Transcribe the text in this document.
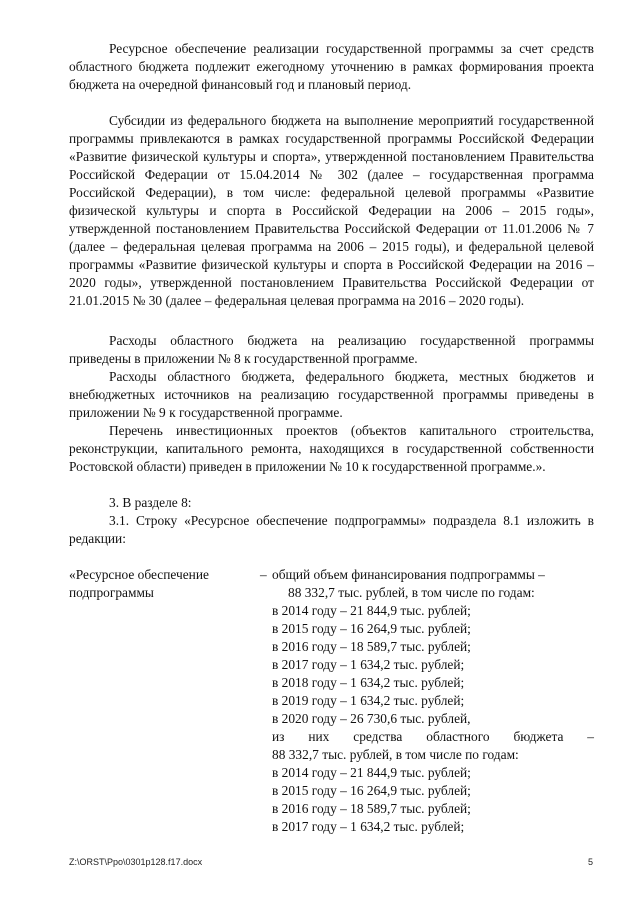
Ресурсное обеспечение реализации государственной программы за счет средств областного бюджета подлежит ежегодному уточнению в рамках формирования проекта бюджета на очередной финансовый год и плановый период.

Субсидии из федерального бюджета на выполнение мероприятий государственной программы привлекаются в рамках государственной программы Российской Федерации «Развитие физической культуры и спорта», утвержденной постановлением Правительства Российской Федерации от 15.04.2014 № 302 (далее – государственная программа Российской Федерации), в том числе: федеральной целевой программы «Развитие физической культуры и спорта в Российской Федерации на 2006 – 2015 годы», утвержденной постановлением Правительства Российской Федерации от 11.01.2006 № 7 (далее – федеральная целевая программа на 2006 – 2015 годы), и федеральной целевой программы «Развитие физической культуры и спорта в Российской Федерации на 2016 – 2020 годы», утвержденной постановлением Правительства Российской Федерации от 21.01.2015 № 30 (далее – федеральная целевая программа на 2016 – 2020 годы).

Расходы областного бюджета на реализацию государственной программы приведены в приложении № 8 к государственной программе.

Расходы областного бюджета, федерального бюджета, местных бюджетов и внебюджетных источников на реализацию государственной программы приведены в приложении № 9 к государственной программе.

Перечень инвестиционных проектов (объектов капитального строительства, реконструкции, капитального ремонта, находящихся в государственной собственности Ростовской области) приведен в приложении № 10 к государственной программе.».

3. В разделе 8:

3.1. Строку «Ресурсное обеспечение подпрограммы» подраздела 8.1 изложить в редакции:

«Ресурсное обеспечение
подпрограммы
– общий объем финансирования подпрограммы –
88 332,7 тыс. рублей, в том числе по годам:
в 2014 году – 21 844,9 тыс. рублей;
в 2015 году – 16 264,9 тыс. рублей;
в 2016 году – 18 589,7 тыс. рублей;
в 2017 году – 1 634,2 тыс. рублей;
в 2018 году – 1 634,2 тыс. рублей;
в 2019 году – 1 634,2 тыс. рублей;
в 2020 году – 26 730,6 тыс. рублей,
из них средства областного бюджета –
88 332,7 тыс. рублей, в том числе по годам:
в 2014 году – 21 844,9 тыс. рублей;
в 2015 году – 16 264,9 тыс. рублей;
в 2016 году – 18 589,7 тыс. рублей;
в 2017 году – 1 634,2 тыс. рублей;
Z:\ORST\Ppo\0301p128.f17.docx	5
